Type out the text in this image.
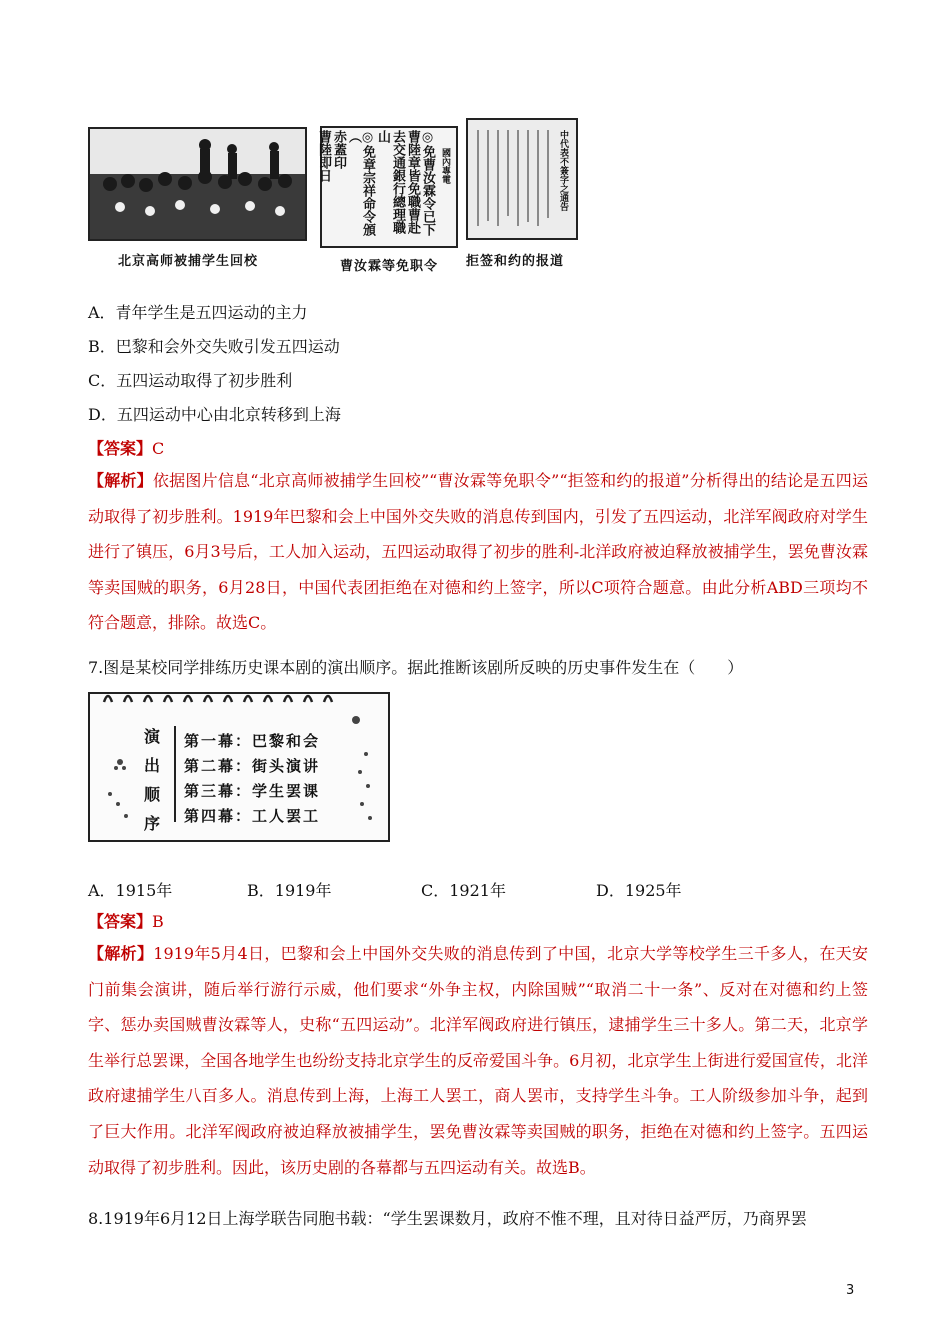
北京高师被捕学生回校
國內專電
◎免曹汝霖令已下
曹陸章皆免職曹赴
去交通銀行總理職
山
◎免章宗祥命令頒（
赤蓋印
曹陸即日
曹汝霖等免职令
中代表不簽字之通告
拒签和约的报道
A．青年学生是五四运动的主力
B．巴黎和会外交失败引发五四运动
C．五四运动取得了初步胜利
D．五四运动中心由北京转移到上海
【答案】C
【解析】依据图片信息“北京高师被捕学生回校”“曹汝霖等免职令”“拒签和约的报道”分析得出的结论是五四运动取得了初步胜利。1919年巴黎和会上中国外交失败的消息传到国内，引发了五四运动，北洋军阀政府对学生进行了镇压，6月3号后，工人加入运动，五四运动取得了初步的胜利-北洋政府被迫释放被捕学生，罢免曹汝霖等卖国贼的职务，6月28日，中国代表团拒绝在对德和约上签字，所以C项符合题意。由此分析ABD三项均不符合题意，排除。故选C。
7.图是某校同学排练历史课本剧的演出顺序。据此推断该剧所反映的历史事件发生在（　　）
演
出
顺
序
第一幕：巴黎和会
第二幕：街头演讲
第三幕：学生罢课
第四幕：工人罢工
A．1915年	B．1919年	C．1921年	D．1925年
【答案】B
【解析】1919年5月4日，巴黎和会上中国外交失败的消息传到了中国，北京大学等校学生三千多人，在天安门前集会演讲，随后举行游行示威，他们要求“外争主权，内除国贼”“取消二十一条”、反对在对德和约上签字、惩办卖国贼曹汝霖等人，史称“五四运动”。北洋军阀政府进行镇压，逮捕学生三十多人。第二天，北京学生举行总罢课，全国各地学生也纷纷支持北京学生的反帝爱国斗争。6月初，北京学生上街进行爱国宣传，北洋政府逮捕学生八百多人。消息传到上海，上海工人罢工，商人罢市，支持学生斗争。工人阶级参加斗争，起到了巨大作用。北洋军阀政府被迫释放被捕学生，罢免曹汝霖等卖国贼的职务，拒绝在对德和约上签字。五四运动取得了初步胜利。因此，该历史剧的各幕都与五四运动有关。故选B。
8.1919年6月12日上海学联告同胞书载：“学生罢课数月，政府不惟不理，且对待日益严厉，乃商界罢
3
